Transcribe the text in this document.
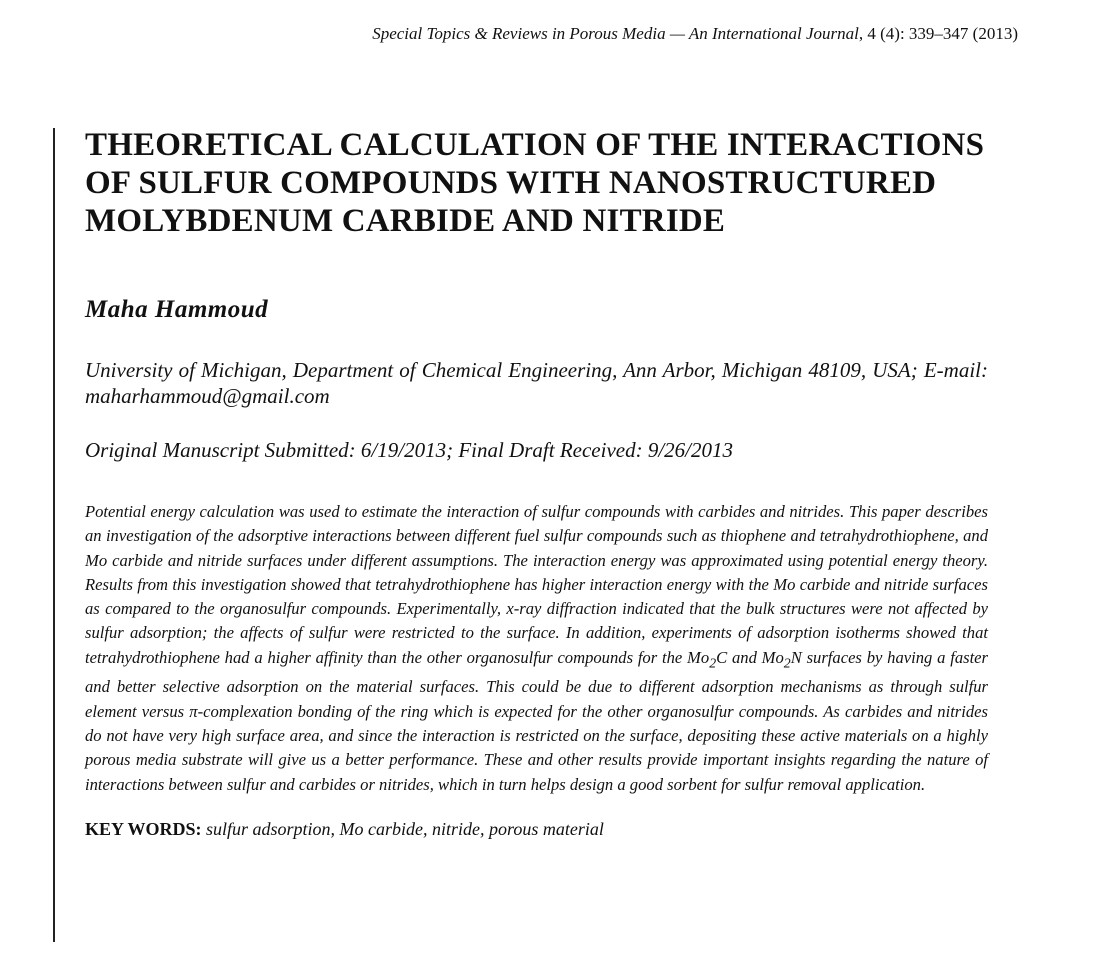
Special Topics & Reviews in Porous Media — An International Journal, 4 (4): 339–347 (2013)
THEORETICAL CALCULATION OF THE INTERACTIONS OF SULFUR COMPOUNDS WITH NANOSTRUCTURED MOLYBDENUM CARBIDE AND NITRIDE
Maha Hammoud
University of Michigan, Department of Chemical Engineering, Ann Arbor, Michigan 48109, USA; E-mail: maharhammoud@gmail.com
Original Manuscript Submitted: 6/19/2013; Final Draft Received: 9/26/2013
Potential energy calculation was used to estimate the interaction of sulfur compounds with carbides and nitrides. This paper describes an investigation of the adsorptive interactions between different fuel sulfur compounds such as thiophene and tetrahydrothiophene, and Mo carbide and nitride surfaces under different assumptions. The interaction energy was approximated using potential energy theory. Results from this investigation showed that tetrahydrothiophene has higher interaction energy with the Mo carbide and nitride surfaces as compared to the organosulfur compounds. Experimentally, x-ray diffraction indicated that the bulk structures were not affected by sulfur adsorption; the affects of sulfur were restricted to the surface. In addition, experiments of adsorption isotherms showed that tetrahydrothiophene had a higher affinity than the other organosulfur compounds for the $Mo_2C$ and $Mo_2N$ surfaces by having a faster and better selective adsorption on the material surfaces. This could be due to different adsorption mechanisms as through sulfur element versus π-complexation bonding of the ring which is expected for the other organosulfur compounds. As carbides and nitrides do not have very high surface area, and since the interaction is restricted on the surface, depositing these active materials on a highly porous media substrate will give us a better performance. These and other results provide important insights regarding the nature of interactions between sulfur and carbides or nitrides, which in turn helps design a good sorbent for sulfur removal application.
KEY WORDS: sulfur adsorption, Mo carbide, nitride, porous material
